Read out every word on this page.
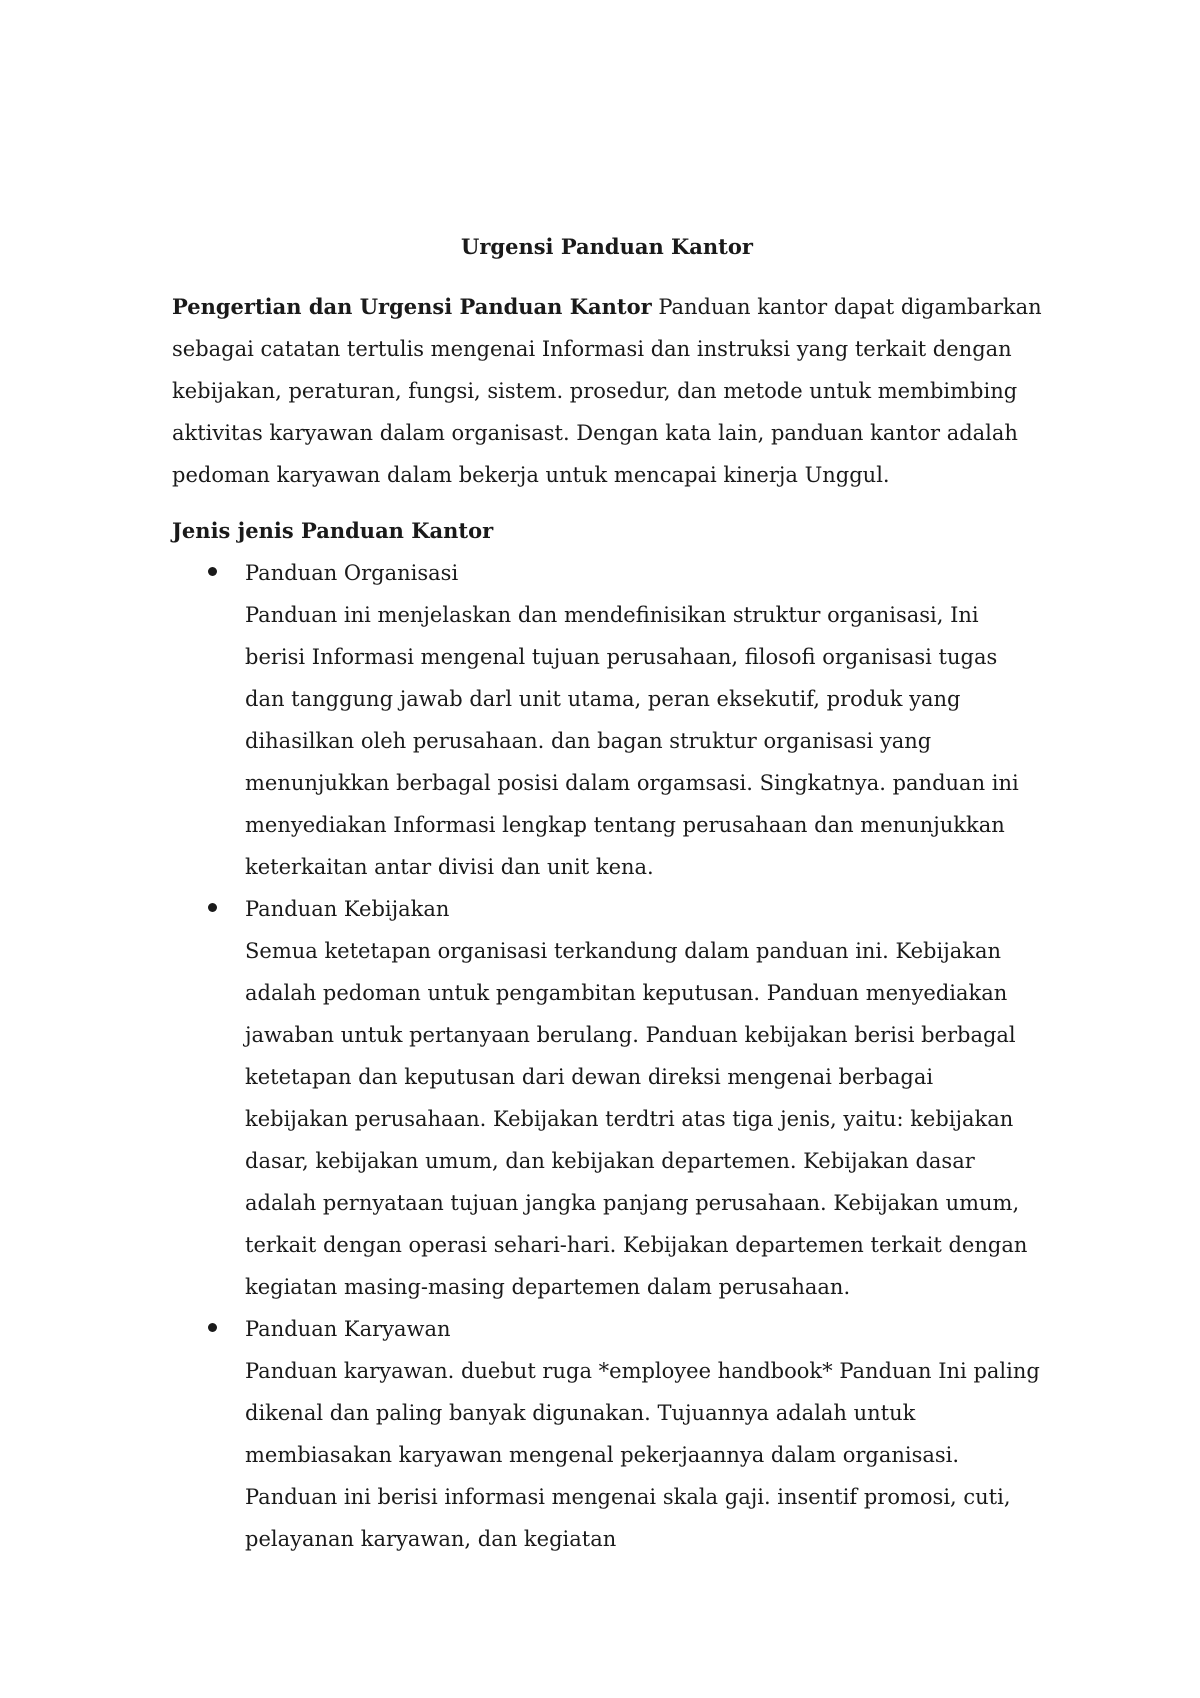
Urgensi Panduan Kantor

Pengertian dan Urgensi Panduan Kantor Panduan kantor dapat digambarkan sebagai catatan tertulis mengenai Informasi dan instruksi yang terkait dengan kebijakan, peraturan, fungsi, sistem. prosedur, dan metode untuk membimbing aktivitas karyawan dalam organisast. Dengan kata lain, panduan kantor adalah pedoman karyawan dalam bekerja untuk mencapai kinerja Unggul.

Jenis jenis Panduan Kantor
Panduan Organisasi
Panduan ini menjelaskan dan mendefinisikan struktur organisasi, Ini berisi Informasi mengenal tujuan perusahaan, filosofi organisasi tugas dan tanggung jawab darl unit utama, peran eksekutif, produk yang dihasilkan oleh perusahaan. dan bagan struktur organisasi yang menunjukkan berbagal posisi dalam orgamsasi. Singkatnya. panduan ini menyediakan Informasi lengkap tentang perusahaan dan menunjukkan keterkaitan antar divisi dan unit kena.
Panduan Kebijakan
Semua ketetapan organisasi terkandung dalam panduan ini. Kebijakan adalah pedoman untuk pengambitan keputusan. Panduan menyediakan jawaban untuk pertanyaan berulang. Panduan kebijakan berisi berbagal ketetapan dan keputusan dari dewan direksi mengenai berbagai kebijakan perusahaan. Kebijakan terdtri atas tiga jenis, yaitu: kebijakan dasar, kebijakan umum, dan kebijakan departemen. Kebijakan dasar adalah pernyataan tujuan jangka panjang perusahaan. Kebijakan umum, terkait dengan operasi sehari-hari. Kebijakan departemen terkait dengan kegiatan masing-masing departemen dalam perusahaan.
Panduan Karyawan
Panduan karyawan. duebut ruga *employee handbook* Panduan Ini paling dikenal dan paling banyak digunakan. Tujuannya adalah untuk membiasakan karyawan mengenal pekerjaannya dalam organisasi. Panduan ini berisi informasi mengenai skala gaji. insentif promosi, cuti, pelayanan karyawan, dan kegiatan
